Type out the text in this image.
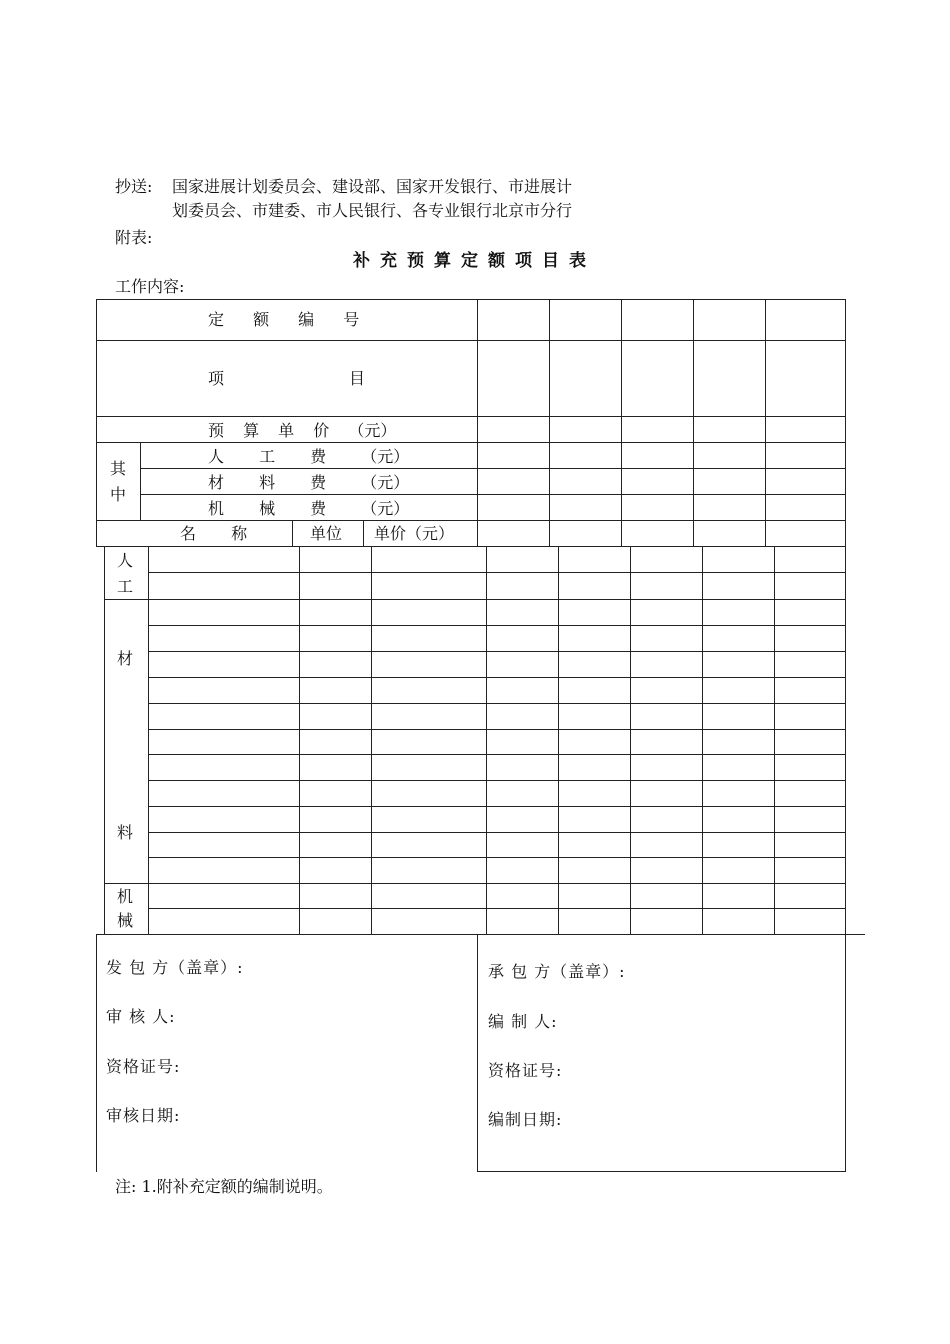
抄送: 国家进展计划委员会、建设部、国家开发银行、市进展计
划委员会、市建委、市人民银行、各专业银行北京市分行
附表:
补充预算定额项目表
工作内容:
定 额 编 号
项	目
预 算 单 价 （元）
其
中
人 工 费 （元）
材 料 费 （元）
机 械 费 （元）
名 称	单位 单价（元）
人
工
材
料
机
械
发 包 方（盖章）:
审 核 人:
资格证号:
审核日期:
承 包 方（盖章）:
编 制 人:
资格证号:
编制日期:
注: 1.附补充定额的编制说明。
